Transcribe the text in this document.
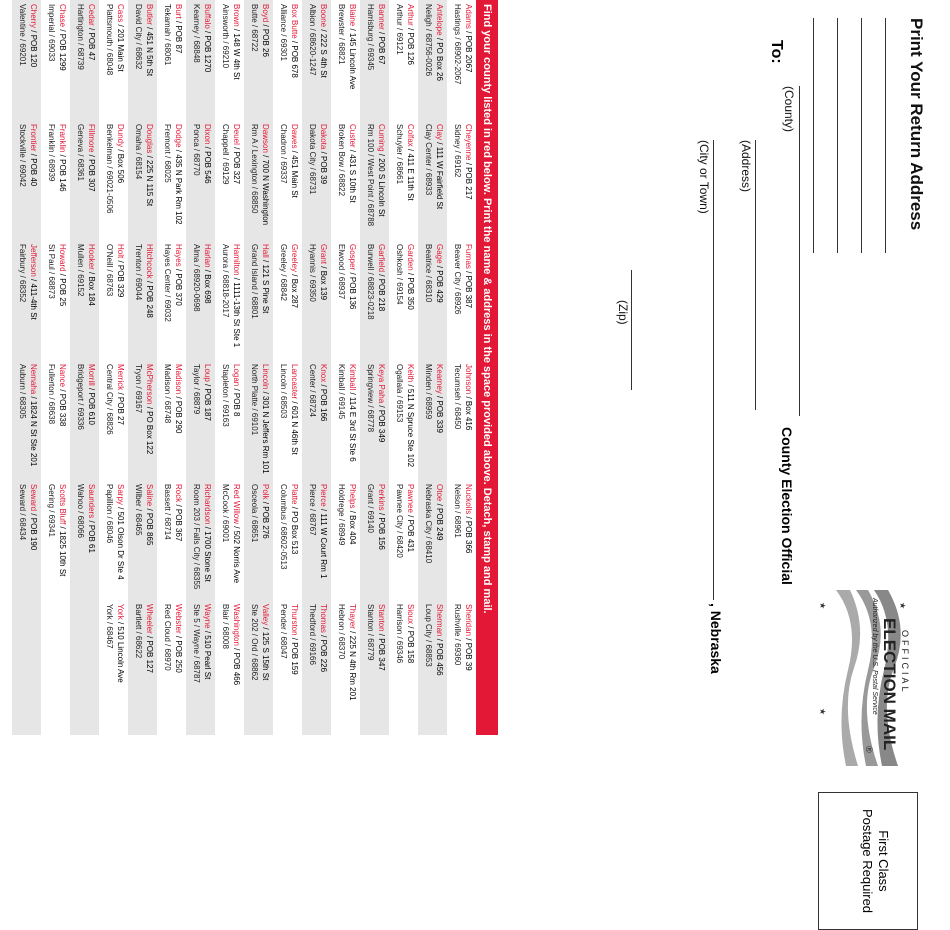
Print Your Return Address
To:
(County)
County Election Official
(Address)
(City or Town)
, Nebraska
(Zip)
First Class
Postage Required
★
★
★
OFFICIAL
ELECTION MAIL
Authorized by the U.S. Postal Service
®
Find your county listed in red below. Print the name & address in the space provided above. Detach, stamp and mail.
Adams / POB 2067
Hastings / 68902-2067
Cheyenne / POB 217
Sidney / 69162
Furnas / POB 387
Beaver City / 68926
Johnson / Box 416
Tecumseh / 68450
Nuckolls / POB 366
Nelson / 68961
Sheridan / POB 39
Rushville / 69360
Antelope / PO Box 26
Neligh / 68756-0026
Clay / 111 W Fairfield St
Clay Center / 68933
Gage / POB 429
Beatrice / 68310
Kearney / POB 339
Minden / 68959
Otoe / POB 249
Nebraska City / 68410
Sherman / POB 456
Loup City / 68853
Arthur / POB 126
Arthur / 69121
Colfax / 411 E 11th St
Schuyler / 68661
Garden / POB 350
Oshkosh / 69154
Keith / 511 N Spruce Ste 102
Ogallala / 69153
Pawnee / POB 431
Pawnee City / 68420
Sioux / POB 158
Harrison / 69346
Banner / POB 67
Harrisburg / 69345
Cuming / 200 S Lincoln St
Rm 100 / West Point / 68788
Garfield / POB 218
Burwell / 68823-0218
Keya Paha / POB 349
Springview / 68778
Perkins / POB 156
Grant / 69140
Stanton / POB 347
Stanton / 68779
Blaine / 145 Lincoln Ave
Brewster / 68821
Custer / 431 S 10th St
Broken Bow / 68822
Gosper / POB 136
Elwood / 68937
Kimball / 114 E 3rd St Ste 6
Kimball / 69145
Phelps / Box 404
Holdrege / 68949
Thayer / 225 N 4th Rm 201
Hebron / 68370
Boone / 222 S 4th St
Albion / 68620-1247
Dakota / POB 39
Dakota City / 68731
Grant / Box 139
Hyannis / 69350
Knox / POB 166
Center / 68724
Pierce / 111 W Court Rm 1
Pierce / 68767
Thomas / POB 226
Thedford / 69166
Box Butte / POB 678
Alliance / 69301
Dawes / 451 Main St
Chadron / 69337
Greeley / Box 287
Greeley / 68842
Lancaster / 601 N 46th St
Lincoln / 68503
Platte / PO Box 513
Columbus / 68602-0513
Thurston / POB 159
Pender / 68047
Boyd / POB 26
Butte / 68722
Dawson / 700 N Washington
Rm A / Lexington / 68850
Hall / 121 S Pine St
Grand Island / 68801
Lincoln / 301 N Jeffers Rm 101
North Platte / 69101
Polk / POB 276
Osceola / 68651
Valley / 125 S 15th St
Ste 202 / Ord / 68862
Brown / 148 W 4th St
Ainsworth / 69210
Deuel / POB 327
Chappell / 69129
Hamilton / 1111-13th St Ste 1
Aurora / 68818-2017
Logan / POB 8
Stapleton / 69163
Red Willow / 502 Norris Ave
McCook / 69001
Washington / POB 466
Blair / 68008
Buffalo / POB 1270
Kearney / 68848
Dixon / POB 546
Ponca / 68770
Harlan / Box 698
Alma / 68920-0698
Loup / POB 187
Taylor / 68879
Richardson / 1700 Stone St
Room 203 / Falls City / 68355
Wayne / 510 Pearl St
Ste 5 / Wayne / 68787
Burt / POB 87
Tekamah / 68061
Dodge / 435 N Park Rm 102
Fremont / 68025
Hayes / POB 370
Hayes Center / 69032
Madison / POB 290
Madison / 68748
Rock / POB 367
Bassett / 68714
Webster / POB 250
Red Cloud / 68970
Butler / 451 N 5th St
David City / 68632
Douglas / 225 N 115 St
Omaha / 68154
Hitchcock / POB 248
Trenton / 69044
McPherson / PO Box 122
Tryon / 69167
Saline / POB 865
Wilber / 68465
Wheeler / POB 127
Bartlett / 68622
Cass / 201 Main St
Plattsmouth / 68048
Dundy / Box 506
Benkelman / 69021-0506
Holt / POB 329
O'Neill / 68763
Merrick / POB 27
Central City / 68826
Sarpy / 501 Olson Dr Ste 4
Papillion / 68046
York / 510 Lincoln Ave
York / 68467
Cedar / POB 47
Hartington / 68739
Fillmore / POB 307
Geneva / 68361
Hooker / Box 184
Mullen / 69152
Morrill / POB 610
Bridgeport / 69336
Saunders / POB 61
Wahoo / 68066
Chase / POB 1299
Imperial / 69033
Franklin / POB 146
Franklin / 68939
Howard / POB 25
St Paul / 68873
Nance / POB 338
Fullerton / 68638
Scotts Bluff / 1825 10th St
Gering / 69341
Cherry / POB 120
Valentine / 69201
Frontier / POB 40
Stockville / 69042
Jefferson / 411-4th St
Fairbury / 68352
Nemaha / 1824 N St Ste 201
Auburn / 68305
Seward / POB 190
Seward / 68434
